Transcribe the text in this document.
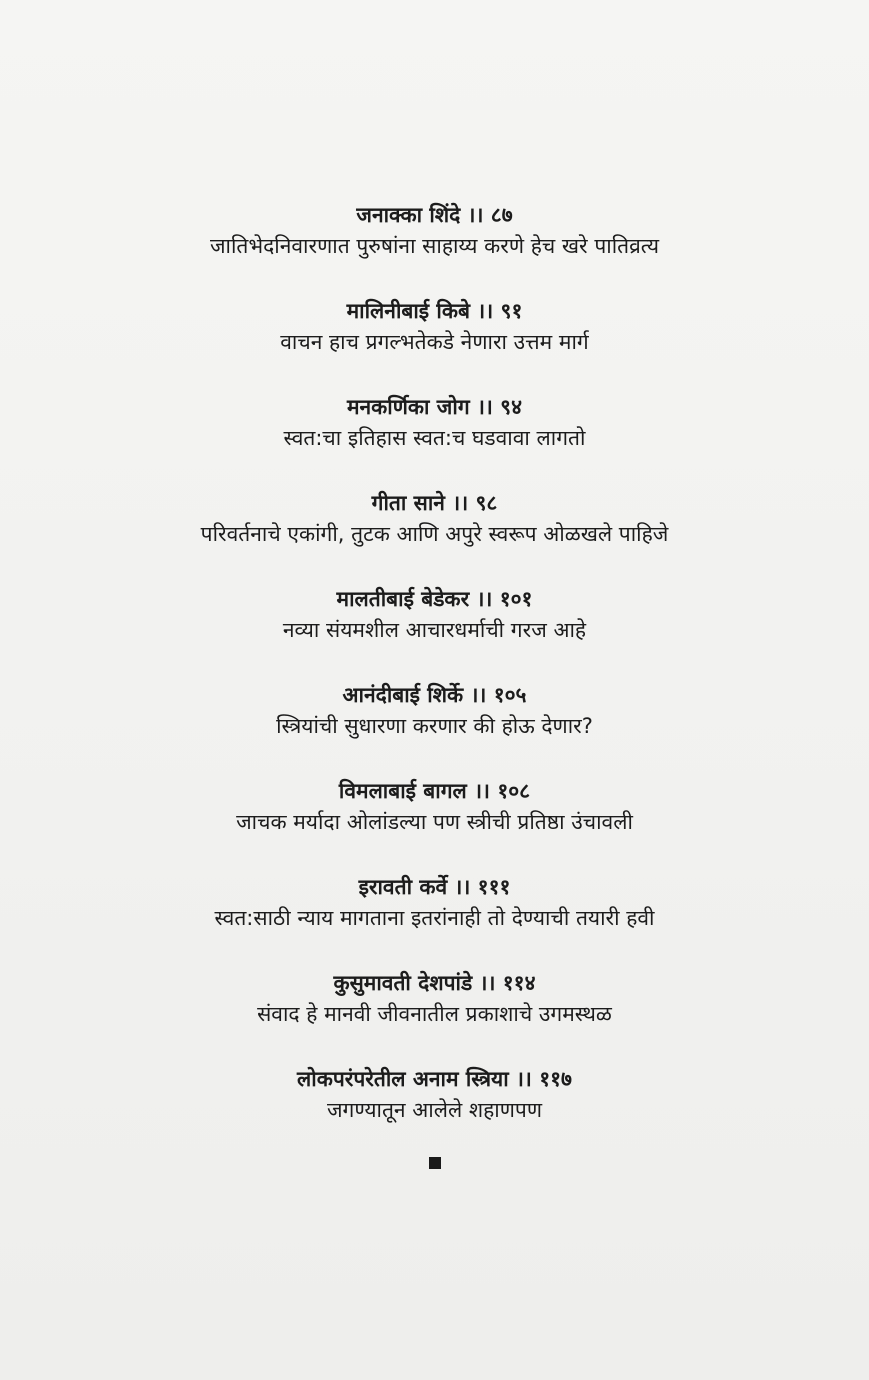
जनाक्का शिंदे ।। ८७
जातिभेदनिवारणात पुरुषांना साहाय्य करणे हेच खरे पातिव्रत्य
मालिनीबाई किबे ।। ९१
वाचन हाच प्रगल्भतेकडे नेणारा उत्तम मार्ग
मनकर्णिका जोग ।। ९४
स्वत:चा इतिहास स्वत:च घडवावा लागतो
गीता साने ।। ९८
परिवर्तनाचे एकांगी, तुटक आणि अपुरे स्वरूप ओळखले पाहिजे
मालतीबाई बेडेकर ।। १०१
नव्या संयमशील आचारधर्माची गरज आहे
आनंदीबाई शिर्के ।। १०५
स्त्रियांची सुधारणा करणार की होऊ देणार?
विमलाबाई बागल ।। १०८
जाचक मर्यादा ओलांडल्या पण स्त्रीची प्रतिष्ठा उंचावली
इरावती कर्वे ।। १११
स्वत:साठी न्याय मागताना इतरांनाही तो देण्याची तयारी हवी
कुसुमावती देशपांडे ।। ११४
संवाद हे मानवी जीवनातील प्रकाशाचे उगमस्थळ
लोकपरंपरेतील अनाम स्त्रिया ।। ११७
जगण्यातून आलेले शहाणपण
